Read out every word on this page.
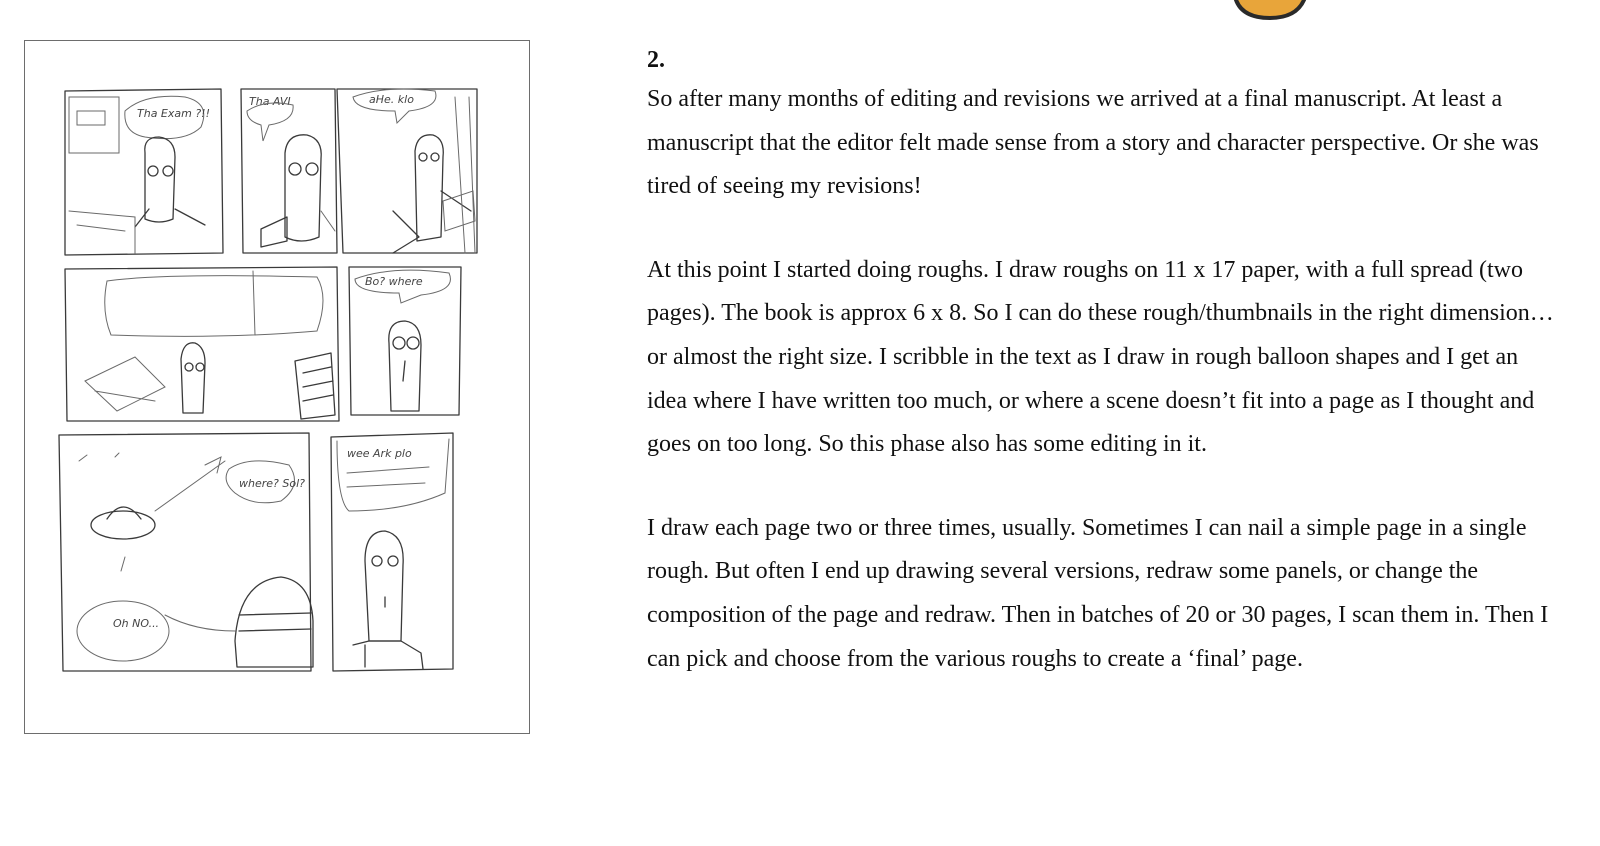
Tha Exam ?!!
Tha AVI	aHe. klo
Bo? where
where? Sol?
Oh NO...
wee Ark plo

2.

So after many months of editing and revisions we arrived at a final manuscript. At least a manuscript that the editor felt made sense from a story and character perspective. Or she was tired of seeing my revisions!

At this point I started doing roughs. I draw roughs on 11 x 17 paper, with a full spread (two pages). The book is approx 6 x 8. So I can do these rough/thumbnails in the right dimension…or almost the right size. I scribble in the text as I draw in rough balloon shapes and I get an idea where I have written too much, or where a scene doesn’t fit into a page as I thought and goes on too long. So this phase also has some editing in it.

I draw each page two or three times, usually. Sometimes I can nail a simple page in a single rough. But often I end up drawing several versions, redraw some panels, or change the composition of the page and redraw. Then in batches of 20 or 30 pages, I scan them in. Then I can pick and choose from the various roughs to create a ‘final’ page.
